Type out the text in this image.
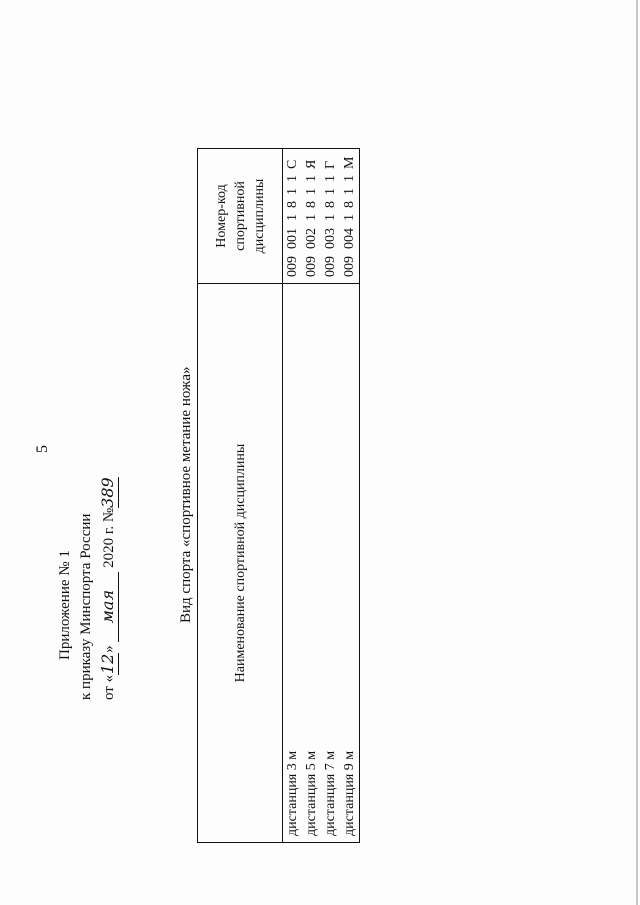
5
Приложение № 1 к приказу Минспорта России от «12» мая 2020 г. №389	Вид спорта «спортивное метание ножа»	Наименование спортивной дисциплины	Номер-код спортивной дисциплины
дистанция 3 м	0090011811С
дистанция 5 м	0090021811Я
дистанция 7 м	0090031811Г
дистанция 9 м	0090041811М
